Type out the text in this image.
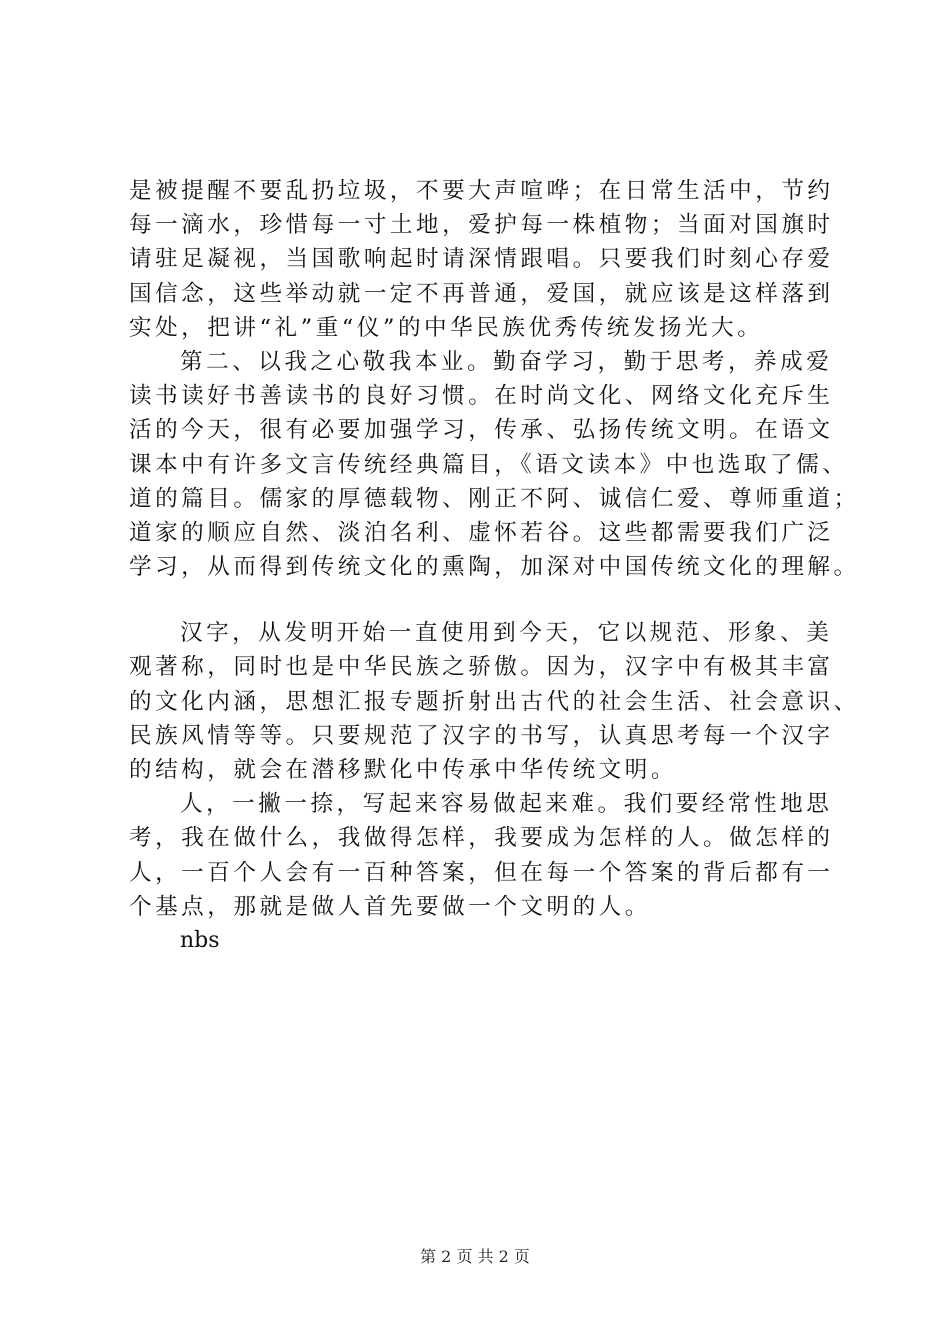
是被提醒不要乱扔垃圾，不要大声喧哗；在日常生活中，节约
每一滴水，珍惜每一寸土地，爱护每一株植物；当面对国旗时
请驻足凝视，当国歌响起时请深情跟唱。只要我们时刻心存爱
国信念，这些举动就一定不再普通，爱国，就应该是这样落到
实处，把讲“礼”重“仪”的中华民族优秀传统发扬光大。
第二、以我之心敬我本业。勤奋学习，勤于思考，养成爱
读书读好书善读书的良好习惯。在时尚文化、网络文化充斥生
活的今天，很有必要加强学习，传承、弘扬传统文明。在语文
课本中有许多文言传统经典篇目，《语文读本》中也选取了儒、
道的篇目。儒家的厚德载物、刚正不阿、诚信仁爱、尊师重道；
道家的顺应自然、淡泊名利、虚怀若谷。这些都需要我们广泛
学习，从而得到传统文化的熏陶，加深对中国传统文化的理解。
汉字，从发明开始一直使用到今天，它以规范、形象、美
观著称，同时也是中华民族之骄傲。因为，汉字中有极其丰富
的文化内涵，思想汇报专题折射出古代的社会生活、社会意识、
民族风情等等。只要规范了汉字的书写，认真思考每一个汉字
的结构，就会在潜移默化中传承中华传统文明。
人，一撇一捺，写起来容易做起来难。我们要经常性地思
考，我在做什么，我做得怎样，我要成为怎样的人。做怎样的
人，一百个人会有一百种答案，但在每一个答案的背后都有一
个基点，那就是做人首先要做一个文明的人。
nbs
第 2 页 共 2 页
